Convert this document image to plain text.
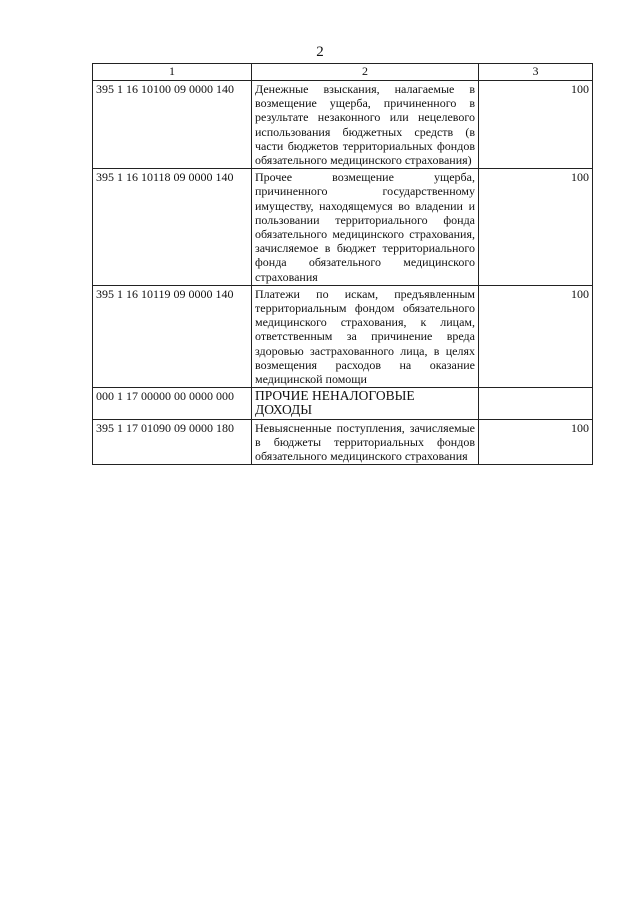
2
1	2	3
395 1 16 10100 09 0000 140	Денежные взыскания, налагаемые в возмещение ущерба, причиненного в результате незаконного или нецелевого использования бюджетных средств (в части бюджетов территориальных фондов обязательного медицинского страхования)	100
395 1 16 10118 09 0000 140	Прочее возмещение ущерба, причиненного государственному имуществу, находящемуся во владении и пользовании территориального фонда обязательного медицинского страхования, зачисляемое в бюджет территориального фонда обязательного медицинского страхования	100
395 1 16 10119 09 0000 140	Платежи по искам, предъявленным территориальным фондом обязательного медицинского страхования, к лицам, ответственным за причинение вреда здоровью застрахованного лица, в целях возмещения расходов на оказание медицинской помощи	100
000 1 17 00000 00 0000 000	ПРОЧИЕ НЕНАЛОГОВЫЕ ДОХОДЫ	
395 1 17 01090 09 0000 180	Невыясненные поступления, зачисляемые в бюджеты территориальных фондов обязательного медицинского страхования	100
